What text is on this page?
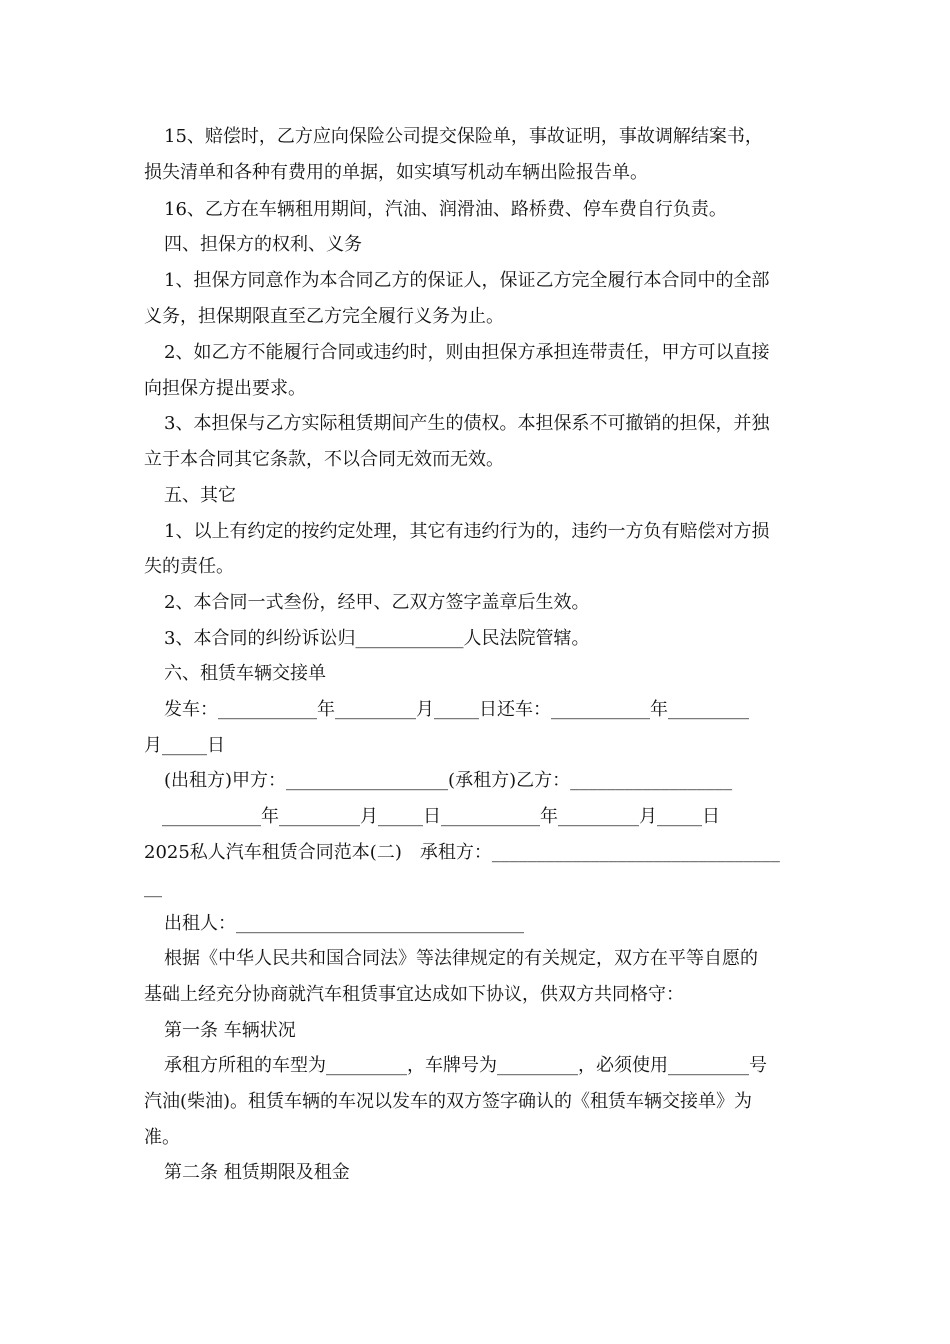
15、赔偿时，乙方应向保险公司提交保险单，事故证明，事故调解结案书，
损失清单和各种有费用的单据，如实填写机动车辆出险报告单。
16、乙方在车辆租用期间，汽油、润滑油、路桥费、停车费自行负责。
四、担保方的权利、义务
1、担保方同意作为本合同乙方的保证人，保证乙方完全履行本合同中的全部
义务，担保期限直至乙方完全履行义务为止。
2、如乙方不能履行合同或违约时，则由担保方承担连带责任，甲方可以直接
向担保方提出要求。
3、本担保与乙方实际租赁期间产生的债权。本担保系不可撤销的担保，并独
立于本合同其它条款，不以合同无效而无效。
五、其它
1、以上有约定的按约定处理，其它有违约行为的，违约一方负有赔偿对方损
失的责任。
2、本合同一式叁份，经甲、乙双方签字盖章后生效。
3、本合同的纠纷诉讼归____________人民法院管辖。
六、租赁车辆交接单
发车：___________年_________月_____日还车：___________年_________
月_____日
(出租方)甲方：__________________(承租方)乙方：__________________
___________年_________月_____日___________年_________月_____日
2025私人汽车租赁合同范本(二)　承租方：________________________________
__
出租人：________________________________
根据《中华人民共和国合同法》等法律规定的有关规定，双方在平等自愿的
基础上经充分协商就汽车租赁事宜达成如下协议，供双方共同格守：
第一条 车辆状况
承租方所租的车型为_________，车牌号为_________，必须使用_________号
汽油(柴油)。租赁车辆的车况以发车的双方签字确认的《租赁车辆交接单》为
准。
第二条 租赁期限及租金
